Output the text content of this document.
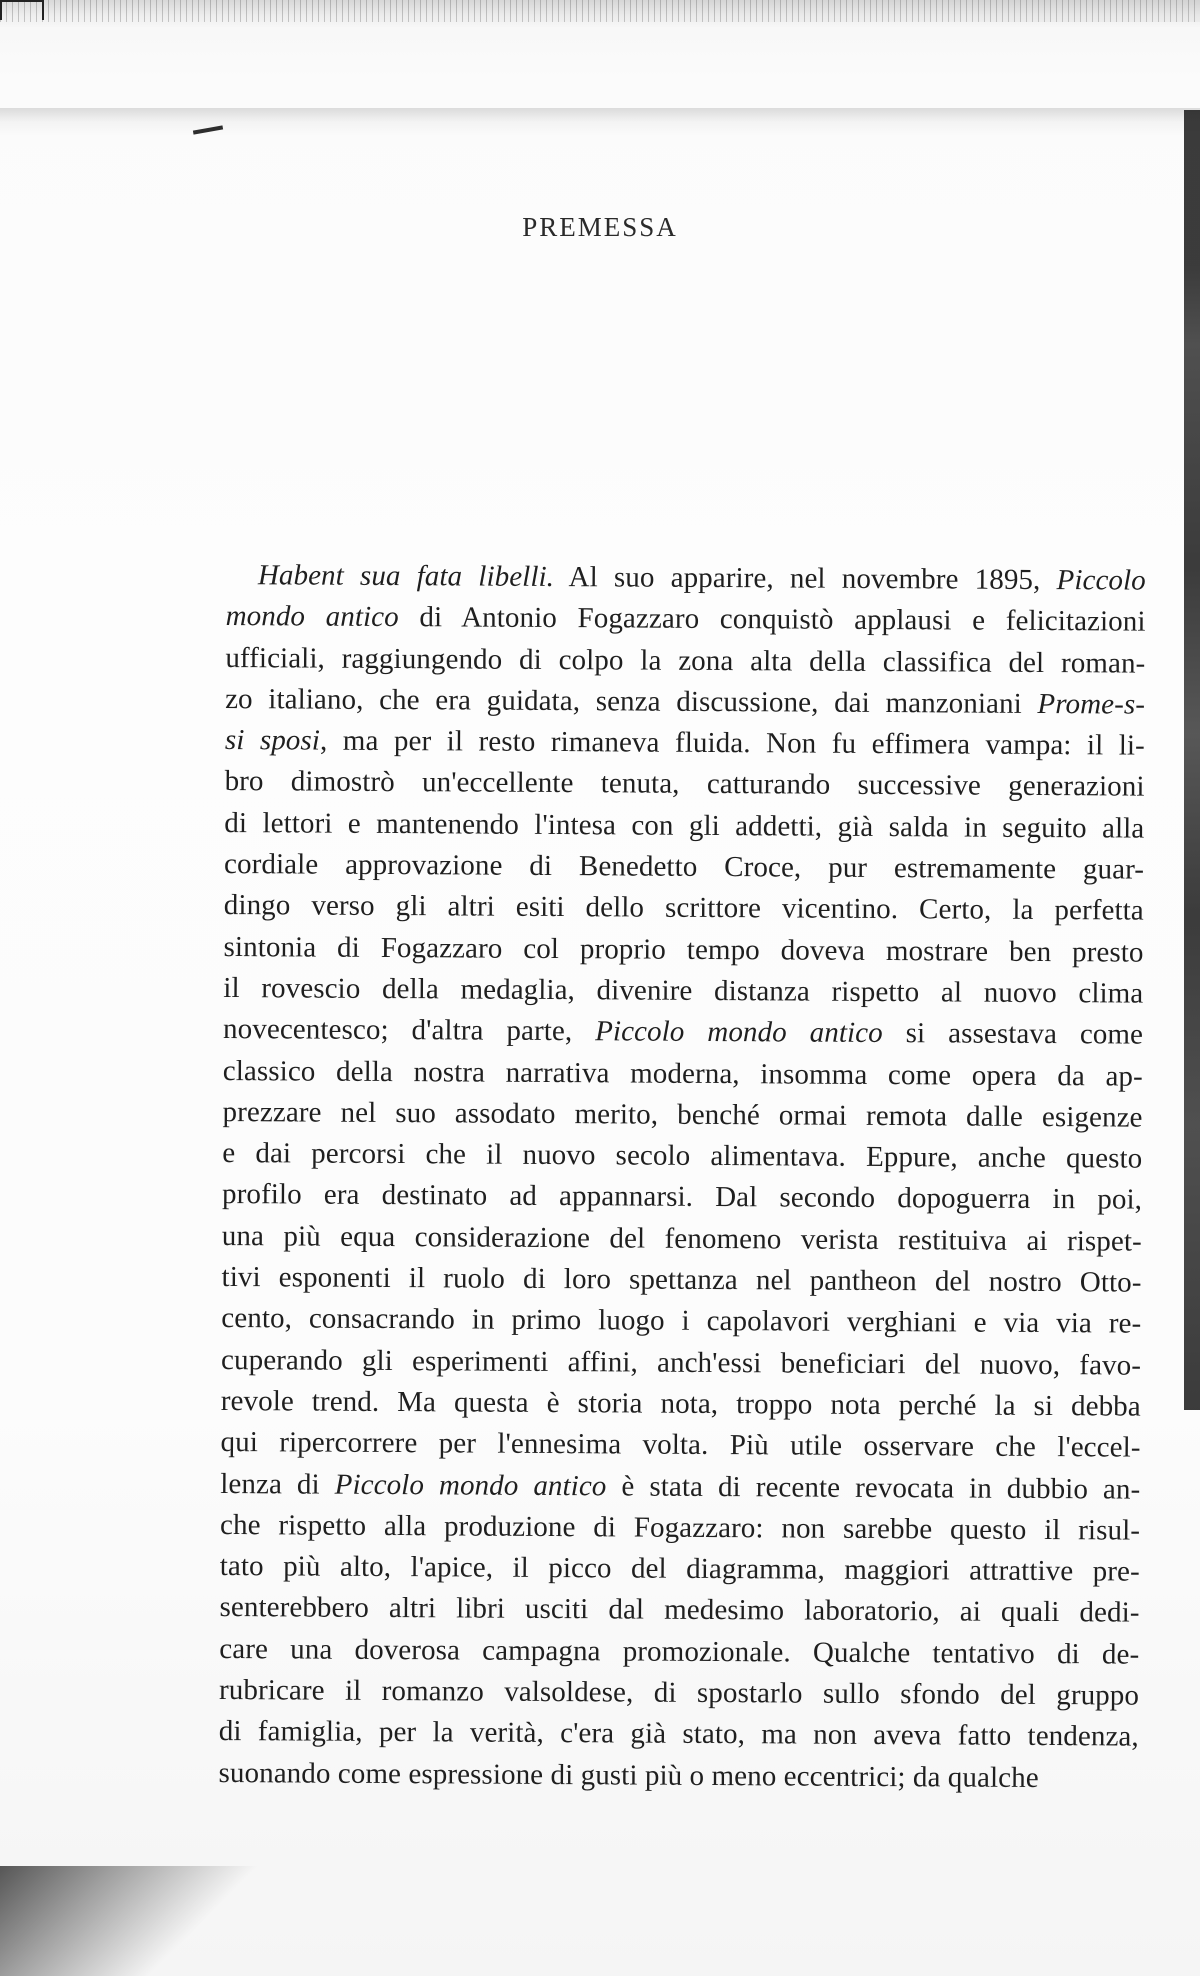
PREMESSA
Habent sua fata libelli. Al suo apparire, nel novembre 1895, Piccolo
mondo antico di Antonio Fogazzaro conquistò applausi e felicitazioni
ufficiali, raggiungendo di colpo la zona alta della classifica del roman-
zo italiano, che era guidata, senza discussione, dai manzoniani Prome-s-
si sposi, ma per il resto rimaneva fluida. Non fu effimera vampa: il li-
bro dimostrò un'eccellente tenuta, catturando successive generazioni
di lettori e mantenendo l'intesa con gli addetti, già salda in seguito alla
cordiale approvazione di Benedetto Croce, pur estremamente guar-
dingo verso gli altri esiti dello scrittore vicentino. Certo, la perfetta
sintonia di Fogazzaro col proprio tempo doveva mostrare ben presto
il rovescio della medaglia, divenire distanza rispetto al nuovo clima
novecentesco; d'altra parte, Piccolo mondo antico si assestava come
classico della nostra narrativa moderna, insomma come opera da ap-
prezzare nel suo assodato merito, benché ormai remota dalle esigenze
e dai percorsi che il nuovo secolo alimentava. Eppure, anche questo
profilo era destinato ad appannarsi. Dal secondo dopoguerra in poi,
una più equa considerazione del fenomeno verista restituiva ai rispet-
tivi esponenti il ruolo di loro spettanza nel pantheon del nostro Otto-
cento, consacrando in primo luogo i capolavori verghiani e via via re-
cuperando gli esperimenti affini, anch'essi beneficiari del nuovo, favo-
revole trend. Ma questa è storia nota, troppo nota perché la si debba
qui ripercorrere per l'ennesima volta. Più utile osservare che l'eccel-
lenza di Piccolo mondo antico è stata di recente revocata in dubbio an-
che rispetto alla produzione di Fogazzaro: non sarebbe questo il risul-
tato più alto, l'apice, il picco del diagramma, maggiori attrattive pre-
senterebbero altri libri usciti dal medesimo laboratorio, ai quali dedi-
care una doverosa campagna promozionale. Qualche tentativo di de-
rubricare il romanzo valsoldese, di spostarlo sullo sfondo del gruppo
di famiglia, per la verità, c'era già stato, ma non aveva fatto tendenza,
suonando come espressione di gusti più o meno eccentrici; da qualche
